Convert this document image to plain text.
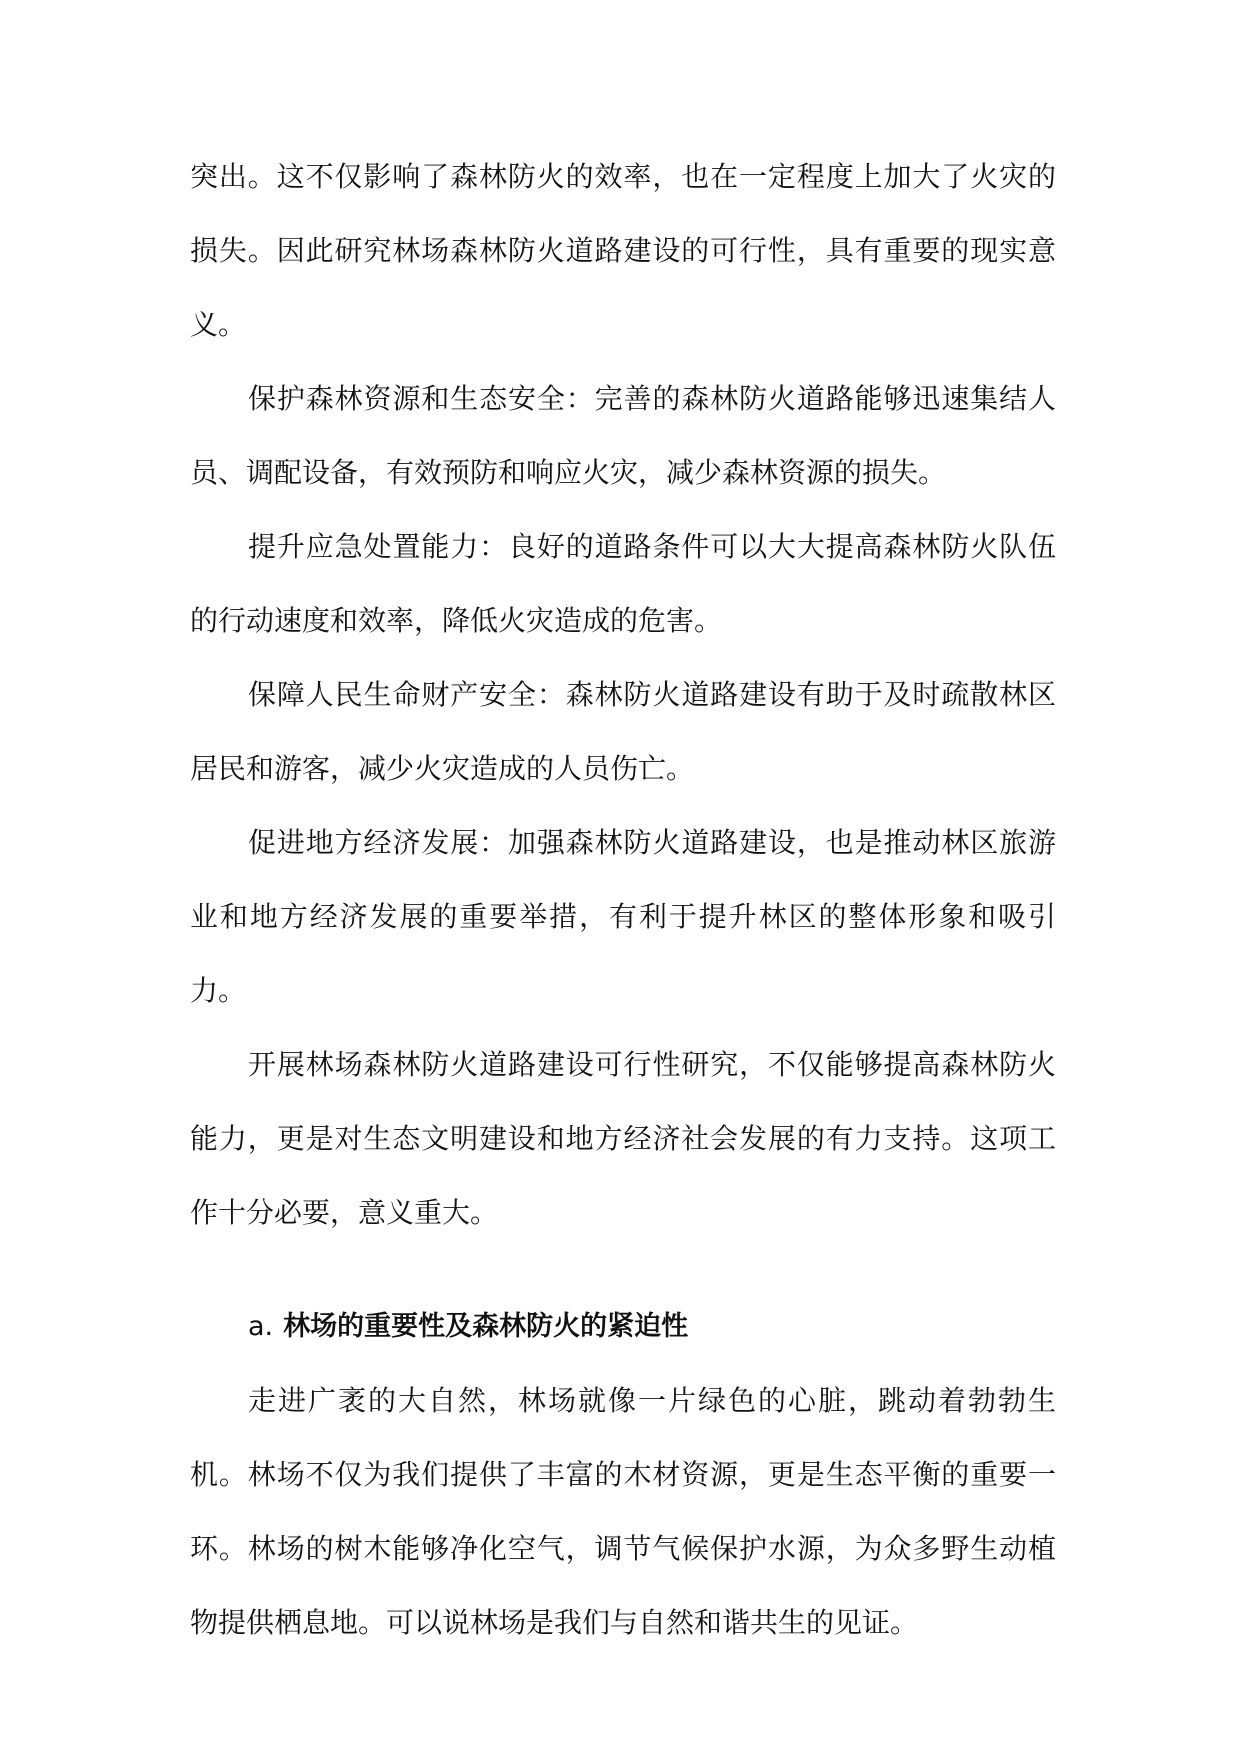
突出。这不仅影响了森林防火的效率，也在一定程度上加大了火灾的损失。因此研究林场森林防火道路建设的可行性，具有重要的现实意义。

保护森林资源和生态安全：完善的森林防火道路能够迅速集结人员、调配设备，有效预防和响应火灾，减少森林资源的损失。

提升应急处置能力：良好的道路条件可以大大提高森林防火队伍的行动速度和效率，降低火灾造成的危害。

保障人民生命财产安全：森林防火道路建设有助于及时疏散林区居民和游客，减少火灾造成的人员伤亡。

促进地方经济发展：加强森林防火道路建设，也是推动林区旅游业和地方经济发展的重要举措，有利于提升林区的整体形象和吸引力。

开展林场森林防火道路建设可行性研究，不仅能够提高森林防火能力，更是对生态文明建设和地方经济社会发展的有力支持。这项工作十分必要，意义重大。

a. 林场的重要性及森林防火的紧迫性

走进广袤的大自然，林场就像一片绿色的心脏，跳动着勃勃生机。林场不仅为我们提供了丰富的木材资源，更是生态平衡的重要一环。林场的树木能够净化空气，调节气候保护水源，为众多野生动植物提供栖息地。可以说林场是我们与自然和谐共生的见证。
